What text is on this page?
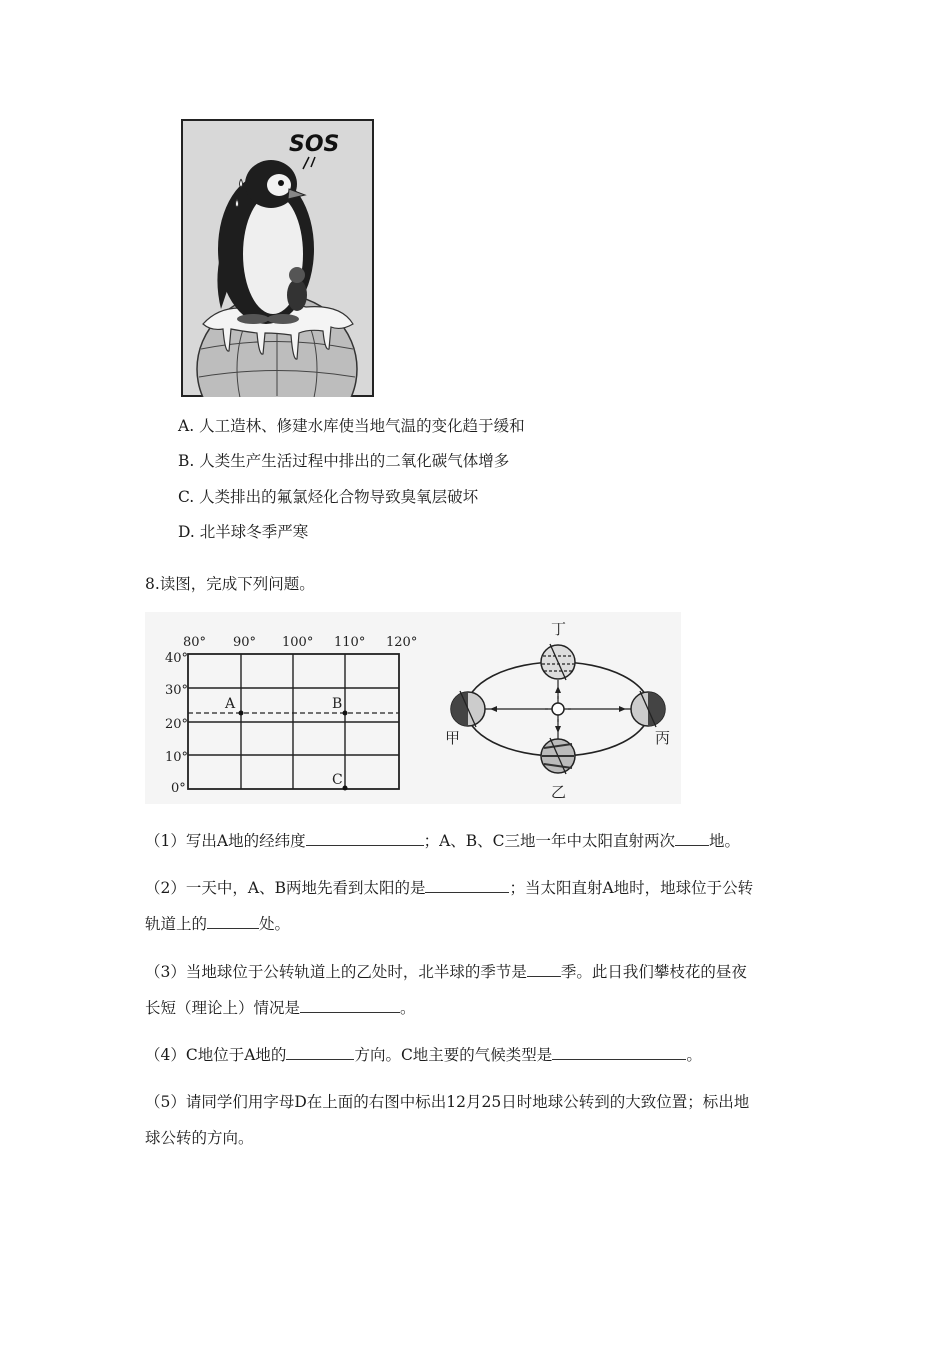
SOS
A. 人工造林、修建水库使当地气温的变化趋于缓和
B. 人类生产生活过程中排出的二氧化碳气体增多
C. 人类排出的氟氯烃化合物导致臭氧层破坏
D. 北半球冬季严寒
8.读图，完成下列问题。
80° 90° 100° 110° 120°
40°
30°
20°
10°
0°
A	B
C
丁
甲	丙
乙
（1）写出A地的经纬度	；A、B、C三地一年中太阳直射两次 地。
（2）一天中，A、B两地先看到太阳的是	；当太阳直射A地时，地球位于公转
轨道上的	处。
（3）当地球位于公转轨道上的乙处时，北半球的季节是 季。此日我们攀枝花的昼夜
长短（理论上）情况是	。
（4）C地位于A地的	方向。C地主要的气候类型是	。
（5）请同学们用字母D在上面的右图中标出12月25日时地球公转到的大致位置；标出地
球公转的方向。
